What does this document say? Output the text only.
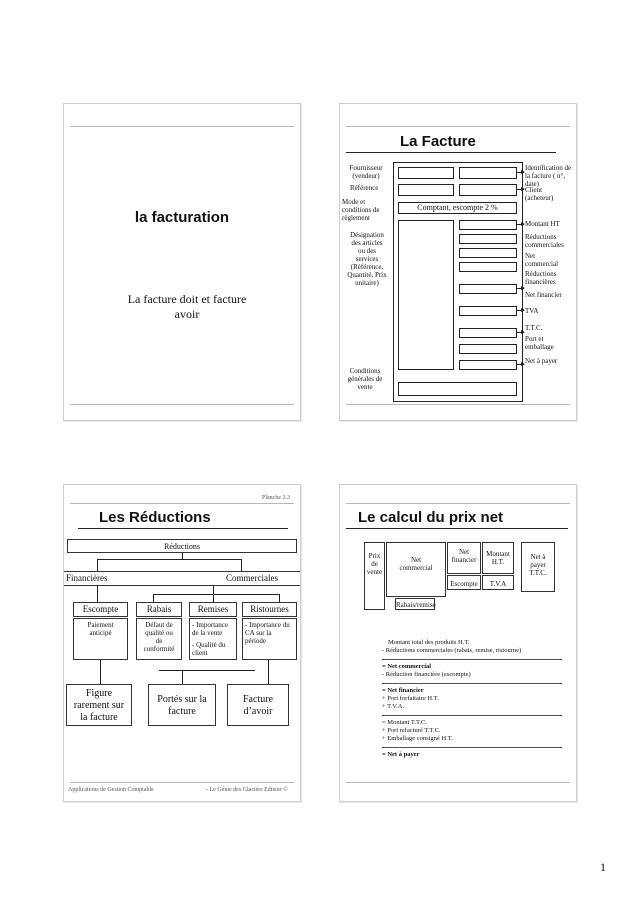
la facturation
La facture doit et facture
avoir
La Facture
Fournisseur
(vendeur)
Référence
Mode et
conditions de
règlement
Désignation
des articles
ou des
services
(Référence,
Quantité, Prix
unitaire)
Conditions
générales de
vente
Comptant, escompte 2 %
Identification de
la facture ( n°,
date)
Client
(acheteur)
Montant HT
Réductions
commerciales
Net
commercial
Réductions
financières
Net financier
TVA
T.T.C.
Port et
emballage
Net à payer
Planche 2.3
Les Réductions
Réductions
Financières	Commerciales
Escompte	Rabais	Remises	Ristournes
Paiement
anticipé
Défaut de
qualité ou
de
conformité
- Importance
de la vente
- Qualité du
client
- Importance du
CA sur la
période
Figure
rarement sur
la facture
Portés sur la
facture
Facture
d’avoir
Applications de Gestion Comptable	- Le Génie des Glaciers Editeur ©
Le calcul du prix net
Prix de
vente
Net
commercial
Rabais/remise
Net
financier
Escompte
Montant
H.T.
T.V.A
Net à
payer
T.T.C.
Montant total des produits H.T.
- Réductions commerciales (rabais, remise, ristourne)
= Net commercial
- Réduction financière (escompte)
= Net financier
+ Port forfaitaire H.T.
+ T.V.A.
= Montant T.T.C.
+ Port refacturé T.T.C.
+ Emballage consigné H.T.
= Net à payer
1
